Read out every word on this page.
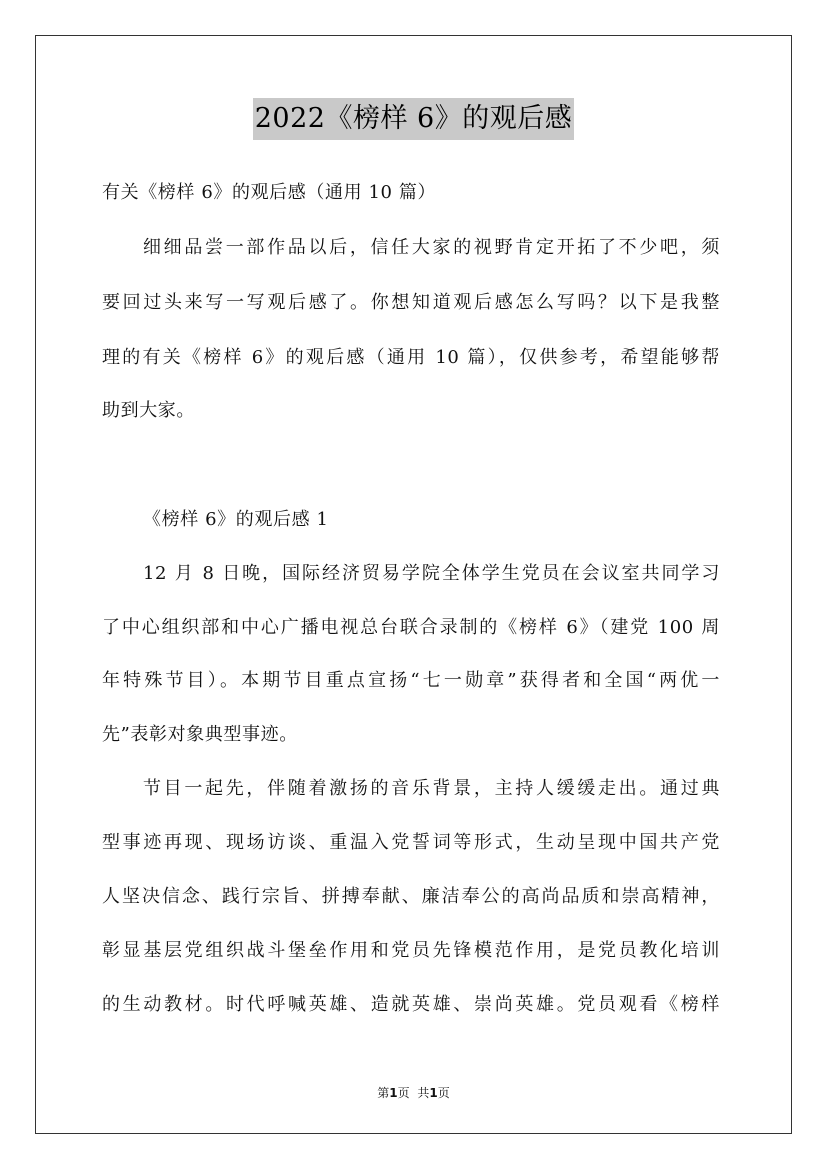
2022《榜样 6》的观后感
有关《榜样 6》的观后感（通用 10 篇）
细细品尝一部作品以后，信任大家的视野肯定开拓了不少吧，须
要回过头来写一写观后感了。你想知道观后感怎么写吗？以下是我整
理的有关《榜样 6》的观后感（通用 10 篇），仅供参考，希望能够帮
助到大家。
《榜样 6》的观后感 1
12 月 8 日晚，国际经济贸易学院全体学生党员在会议室共同学习
了中心组织部和中心广播电视总台联合录制的《榜样 6》（建党 100 周
年特殊节目）。本期节目重点宣扬“七一勋章”获得者和全国“两优一
先”表彰对象典型事迹。
节目一起先，伴随着激扬的音乐背景，主持人缓缓走出。通过典
型事迹再现、现场访谈、重温入党誓词等形式，生动呈现中国共产党
人坚决信念、践行宗旨、拼搏奉献、廉洁奉公的高尚品质和崇高精神，
彰显基层党组织战斗堡垒作用和党员先锋模范作用，是党员教化培训
的生动教材。时代呼喊英雄、造就英雄、崇尚英雄。党员观看《榜样
第1页 共1页
